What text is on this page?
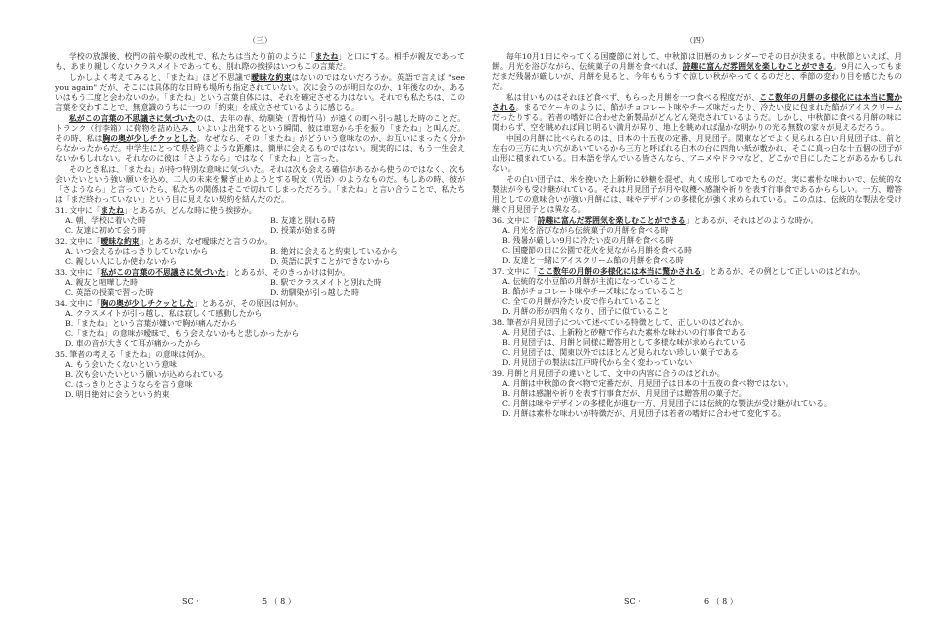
（三）

学校の放課後、校門の前や駅の改札で、私たちは当たり前のように「またね」と口にする。相手が親友であっても、あまり親しくないクラスメイトであっても、別れ際の挨拶はいつもこの言葉だ。

しかしよく考えてみると、「またね」ほど不思議で曖昧な約束はないのではないだろうか。英語で言えば "see you again" だが、そこには具体的な日時も場所も指定されていない。次に会うのが明日なのか、1年後なのか、あるいはもう二度と会わないのか。「またね」という言葉自体には、それを確定させる力はない。それでも私たちは、この言葉を交わすことで、無意識のうちに一つの「約束」を成立させているように感じる。

私がこの言葉の不思議さに気づいたのは、去年の春、幼馴染（青梅竹马）が遠くの町へ引っ越した時のことだ。トランク（行李箱）に荷物を詰め込み、いよいよ出発するという瞬間、彼は車窓から手を振り「またね」と叫んだ。その時、私は胸の奥が少しチクッとした。なぜなら、その「またね」がどういう意味なのか、お互いにまったく分からなかったからだ。中学生にとって県を跨ぐような距離は、簡単に会えるものではない。現実的には、もう一生会えないかもしれない。それなのに彼は「さようなら」ではなく「またね」と言った。

そのとき私は、「またね」が持つ特別な意味に気づいた。それは次も会える確信があるから使うのではなく、次も会いたいという強い願いを込め、二人の未来を繋ぎ止めようとする呪文（咒语）のようなものだ。もしあの時、彼が「さようなら」と言っていたら、私たちの関係はそこで切れてしまっただろう。「またね」と言い合うことで、私たちは「まだ終わっていない」という目に見えない契約を結んだのだ。

31. 文中に「またね」とあるが、どんな時に使う挨拶か。
A. 朝、学校に着いた時	B. 友達と別れる時
C. 友達に初めて会う時	D. 授業が始まる時
32. 文中に「曖昧な約束」とあるが、なぜ曖昧だと言うのか。
A. いつ会えるかはっきりしていないから	B. 絶対に会えると約束しているから
C. 親しい人にしか使わないから	D. 英語に訳すことができないから
33. 文中に「私がこの言葉の不思議さに気づいた」とあるが、そのきっかけは何か。
A. 親友と喧嘩した時	B. 駅でクラスメイトと別れた時
C. 英語の授業で習った時	D. 幼馴染が引っ越した時
34. 文中に「胸の奥が少しチクッとした」とあるが、その原因は何か。
A. クラスメイトが引っ越し、私は寂しくて感動したから
B.「またね」という言葉が嫌いで胸が痛んだから
C.「またね」の意味が曖昧で、もう会えないかもと悲しかったから
D. 車の音が大きくて耳が痛かったから
35. 筆者の考える「またね」の意味は何か。
A. もう会いたくないという意味
B. 次も会いたいという願いが込められている
C. はっきりとさようならを言う意味
D. 明日絶対に会うという約束
（四）

毎年10月1日にやってくる国慶節に対して、中秋節は旧暦のカレンダーでその日が決まる。中秋節といえば、月餅。月光を浴びながら、伝統菓子の月餅を食べれば、詩趣に富んだ雰囲気を楽しむことができる。9月に入ってもまだまだ残暑が厳しいが、月餅を見ると、今年ももうすぐ涼しい秋がやってくるのだと、季節の変わり目を感じたものだ。

私は甘いものはそれほど食べず、もらった月餅を一つ食べる程度だが、ここ数年の月餅の多様化には本当に驚かされる。まるでケーキのように、餡がチョコレート味やチーズ味だったり、冷たい皮に包まれた餡がアイスクリームだったりする。若者の嗜好に合わせた新製品がどんどん発売されているようだ。しかし、中秋節に食べる月餅の味に関わらず、空を眺めれば同じ明るい満月が昇り、地上を眺めれば温かな明かりの光る無数の家々が見えるだろう。

中国の月餅に比べられるのは、日本の十五夜の定番、月見団子。関東などでよく見られる白い月見団子は、前と左右の三方に丸い穴があいているから三方と呼ばれる白木の台に四角い紙が敷かれ、そこに真っ白な十五個の団子が山形に積まれている。日本語を学んでいる皆さんなら、アニメやドラマなど、どこかで目にしたことがあるかもしれない。

その白い団子は、米を挽いた上新粉に砂糖を混ぜ、丸く成形してゆでたものだ。実に素朴な味わいで、伝統的な製法が今も受け継がれている。それは月見団子が月や収穫へ感謝や祈りを表す行事食であるかららしい。一方、贈答用としての意味合いが強い月餅には、味やデザインの多様化が強く求められている。この点は、伝統的な製法を受け継ぐ月見団子とは異なる。

36. 文中に「詩趣に富んだ雰囲気を楽しむことができる」とあるが、それはどのような時か。
A. 月光を浴びながら伝統菓子の月餅を食べる時
B. 残暑が厳しい9月に冷たい皮の月餅を食べる時
C. 国慶節の日に公園で花火を見ながら月餅を食べる時
D. 友達と一緒にアイスクリーム餡の月餅を食べる時
37. 文中に「ここ数年の月餅の多様化には本当に驚かされる」とあるが、その例として正しいのはどれか。
A. 伝統的な小豆餡の月餅が主流になっていること
B. 餡がチョコレート味やチーズ味になっていること
C. 全ての月餅が冷たい皮で作られていること
D. 月餅の形が四角くなり、団子に似ていること
38. 筆者が月見団子について述べている特徴として、正しいのはどれか。
A. 月見団子は、上新粉と砂糖で作られた素朴な味わいの行事食である
B. 月見団子は、月餅と同様に贈答用として多様な味が求められている
C. 月見団子は、関東以外ではほとんど見られない珍しい菓子である
D. 月見団子の製法は江戸時代から全く変わっていない
39. 月餅と月見団子の違いとして、文中の内容に合うのはどれか。
A. 月餅は中秋節の食べ物で定番だが、月見団子は日本の十五夜の食べ物ではない。
B. 月餅は感謝や祈りを表す行事食だが、月見団子は贈答用の菓子だ。
C. 月餅は味やデザインの多様化が進む一方、月見団子には伝統的な製法が受け継がれている。
D. 月餅は素朴な味わいが特徴だが、月見団子は若者の嗜好に合わせて変化する。
SC ·	5 （ 8 ）	SC ·	6 （ 8 ）
